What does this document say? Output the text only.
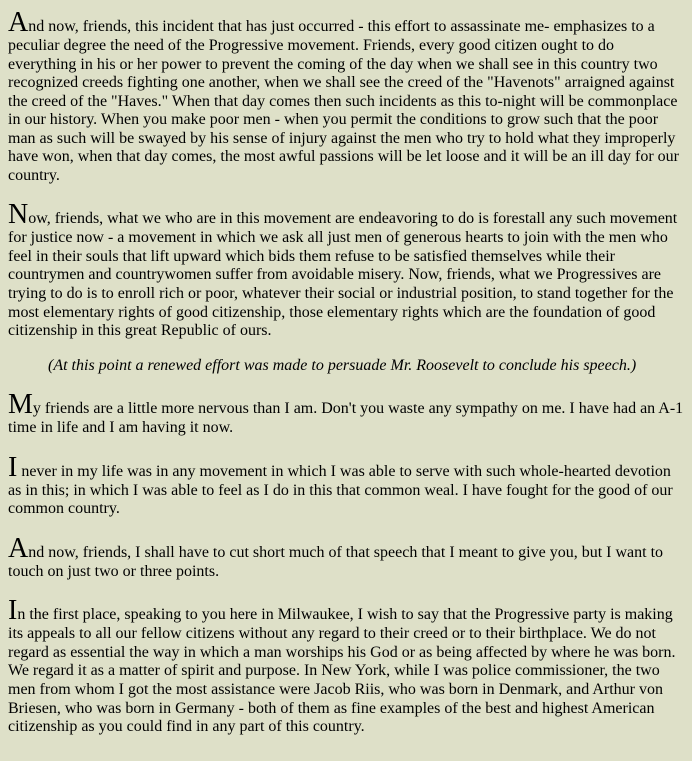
And now, friends, this incident that has just occurred - this effort to assassinate me- emphasizes to a peculiar degree the need of the Progressive movement. Friends, every good citizen ought to do everything in his or her power to prevent the coming of the day when we shall see in this country two recognized creeds fighting one another, when we shall see the creed of the "Havenots" arraigned against the creed of the "Haves." When that day comes then such incidents as this to-night will be commonplace in our history. When you make poor men - when you permit the conditions to grow such that the poor man as such will be swayed by his sense of injury against the men who try to hold what they improperly have won, when that day comes, the most awful passions will be let loose and it will be an ill day for our country.

Now, friends, what we who are in this movement are endeavoring to do is forestall any such movement for justice now - a movement in which we ask all just men of generous hearts to join with the men who feel in their souls that lift upward which bids them refuse to be satisfied themselves while their countrymen and countrywomen suffer from avoidable misery. Now, friends, what we Progressives are trying to do is to enroll rich or poor, whatever their social or industrial position, to stand together for the most elementary rights of good citizenship, those elementary rights which are the foundation of good citizenship in this great Republic of ours.

(At this point a renewed effort was made to persuade Mr. Roosevelt to conclude his speech.)

My friends are a little more nervous than I am. Don't you waste any sympathy on me. I have had an A-1 time in life and I am having it now.

I never in my life was in any movement in which I was able to serve with such whole-hearted devotion as in this; in which I was able to feel as I do in this that common weal. I have fought for the good of our common country.

And now, friends, I shall have to cut short much of that speech that I meant to give you, but I want to touch on just two or three points.

In the first place, speaking to you here in Milwaukee, I wish to say that the Progressive party is making its appeals to all our fellow citizens without any regard to their creed or to their birthplace. We do not regard as essential the way in which a man worships his God or as being affected by where he was born. We regard it as a matter of spirit and purpose. In New York, while I was police commissioner, the two men from whom I got the most assistance were Jacob Riis, who was born in Denmark, and Arthur von Briesen, who was born in Germany - both of them as fine examples of the best and highest American citizenship as you could find in any part of this country.
